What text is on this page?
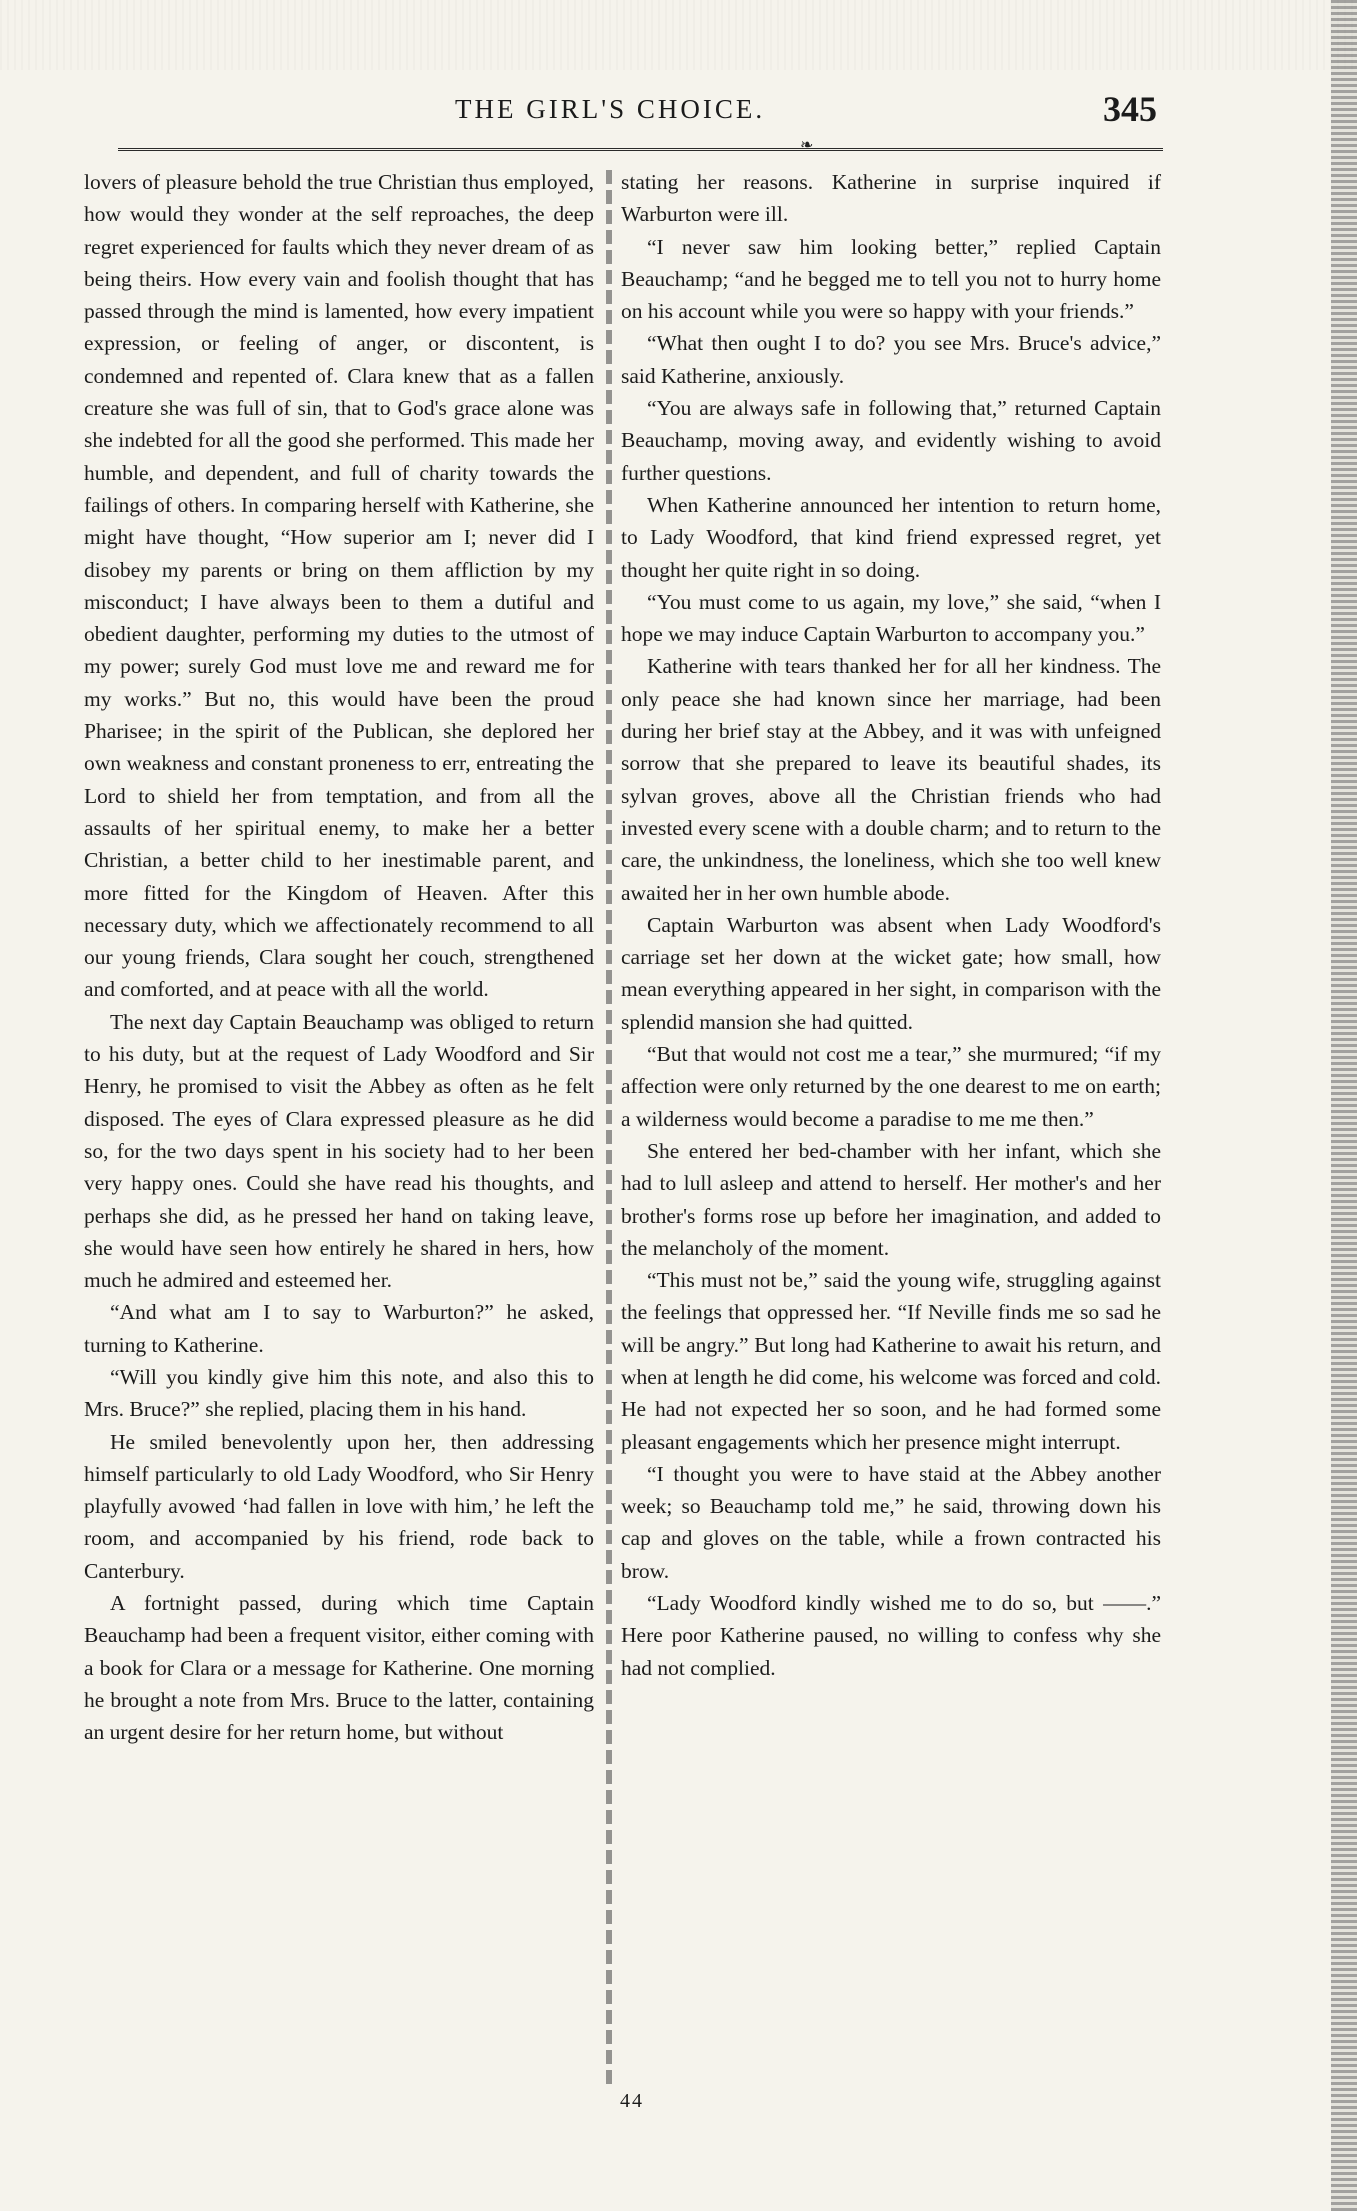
THE GIRL'S CHOICE.	345
❧

lovers of pleasure behold the true Christian thus employed, how would they wonder at the self reproaches, the deep regret experienced for faults which they never dream of as being theirs. How every vain and foolish thought that has passed through the mind is lamented, how every impatient expression, or feeling of anger, or discontent, is condemned and repented of. Clara knew that as a fallen creature she was full of sin, that to God's grace alone was she indebted for all the good she performed. This made her humble, and dependent, and full of charity towards the failings of others. In comparing herself with Katherine, she might have thought, “How superior am I; never did I disobey my parents or bring on them affliction by my misconduct; I have always been to them a dutiful and obedient daughter, performing my duties to the utmost of my power; surely God must love me and reward me for my works.” But no, this would have been the proud Pharisee; in the spirit of the Publican, she deplored her own weakness and constant proneness to err, entreating the Lord to shield her from temptation, and from all the assaults of her spiritual enemy, to make her a better Christian, a better child to her inestimable parent, and more fitted for the Kingdom of Heaven. After this necessary duty, which we affectionately recommend to all our young friends, Clara sought her couch, strengthened and comforted, and at peace with all the world.

The next day Captain Beauchamp was obliged to return to his duty, but at the request of Lady Woodford and Sir Henry, he promised to visit the Abbey as often as he felt disposed. The eyes of Clara expressed pleasure as he did so, for the two days spent in his society had to her been very happy ones. Could she have read his thoughts, and perhaps she did, as he pressed her hand on taking leave, she would have seen how entirely he shared in hers, how much he admired and esteemed her.

“And what am I to say to Warburton?” he asked, turning to Katherine.

“Will you kindly give him this note, and also this to Mrs. Bruce?” she replied, placing them in his hand.

He smiled benevolently upon her, then addressing himself particularly to old Lady Woodford, who Sir Henry playfully avowed ‘had fallen in love with him,’ he left the room, and accompanied by his friend, rode back to Canterbury.

A fortnight passed, during which time Captain Beauchamp had been a frequent visitor, either coming with a book for Clara or a message for Katherine. One morning he brought a note from Mrs. Bruce to the latter, containing an urgent desire for her return home, but without

stating her reasons. Katherine in surprise inquired if Warburton were ill.

“I never saw him looking better,” replied Captain Beauchamp; “and he begged me to tell you not to hurry home on his account while you were so happy with your friends.”

“What then ought I to do? you see Mrs. Bruce's advice,” said Katherine, anxiously.

“You are always safe in following that,” returned Captain Beauchamp, moving away, and evidently wishing to avoid further questions.

When Katherine announced her intention to return home, to Lady Woodford, that kind friend expressed regret, yet thought her quite right in so doing.

“You must come to us again, my love,” she said, “when I hope we may induce Captain Warburton to accompany you.”

Katherine with tears thanked her for all her kindness. The only peace she had known since her marriage, had been during her brief stay at the Abbey, and it was with unfeigned sorrow that she prepared to leave its beautiful shades, its sylvan groves, above all the Christian friends who had invested every scene with a double charm; and to return to the care, the unkindness, the loneliness, which she too well knew awaited her in her own humble abode.

Captain Warburton was absent when Lady Woodford's carriage set her down at the wicket gate; how small, how mean everything appeared in her sight, in comparison with the splendid mansion she had quitted.

“But that would not cost me a tear,” she murmured; “if my affection were only returned by the one dearest to me on earth; a wilderness would become a paradise to me me then.”

She entered her bed-chamber with her infant, which she had to lull asleep and attend to herself. Her mother's and her brother's forms rose up before her imagination, and added to the melancholy of the moment.

“This must not be,” said the young wife, struggling against the feelings that oppressed her. “If Neville finds me so sad he will be angry.” But long had Katherine to await his return, and when at length he did come, his welcome was forced and cold. He had not expected her so soon, and he had formed some pleasant engagements which her presence might interrupt.

“I thought you were to have staid at the Abbey another week; so Beauchamp told me,” he said, throwing down his cap and gloves on the table, while a frown contracted his brow.

“Lady Woodford kindly wished me to do so, but ——.” Here poor Katherine paused, no willing to confess why she had not complied.

44
